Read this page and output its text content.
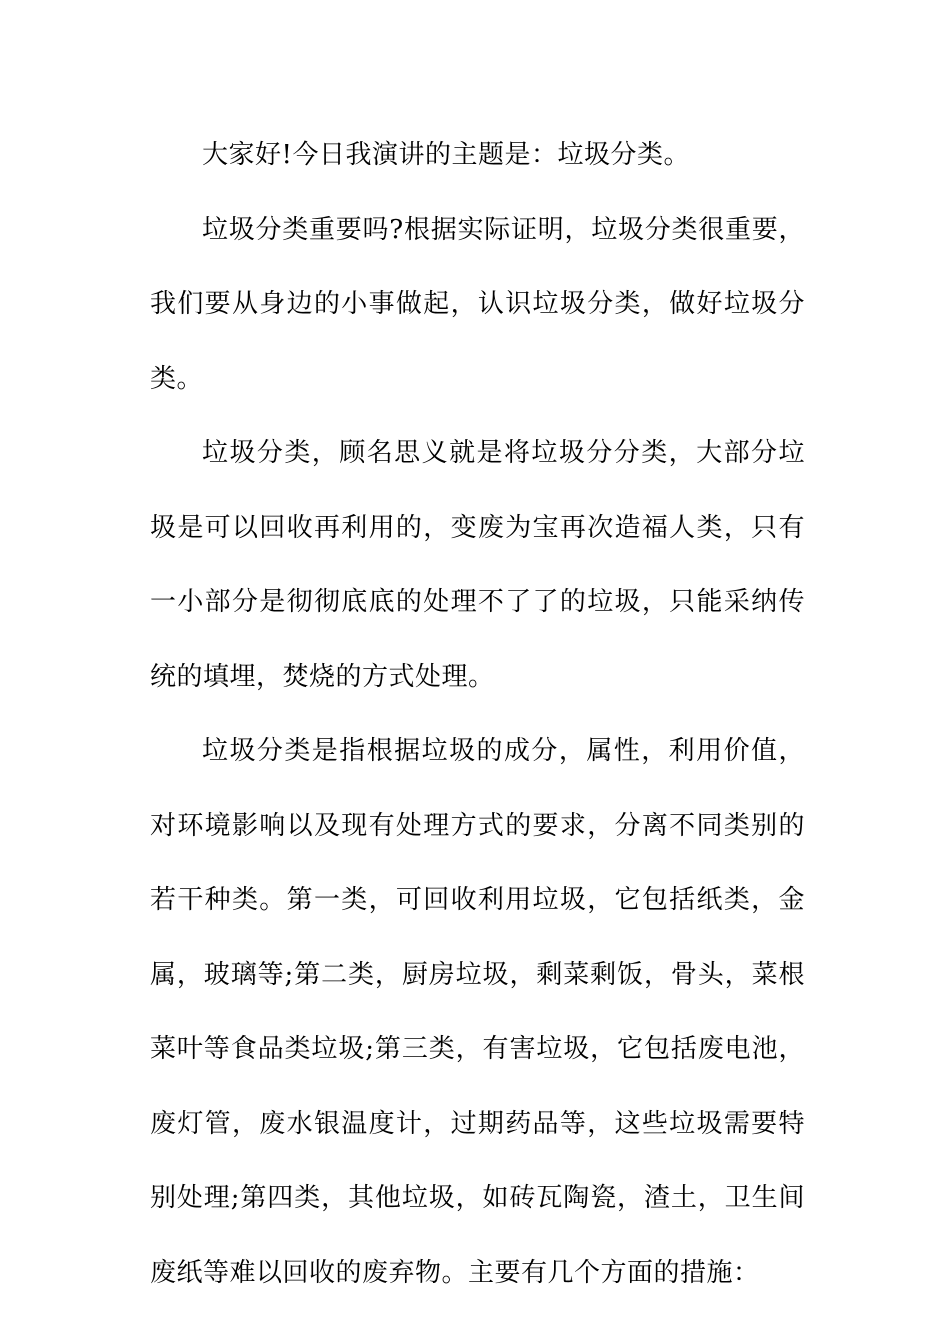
大家好!今日我演讲的主题是：垃圾分类。

垃圾分类重要吗?根据实际证明，垃圾分类很重要，我们要从身边的小事做起，认识垃圾分类，做好垃圾分类。

垃圾分类，顾名思义就是将垃圾分分类，大部分垃圾是可以回收再利用的，变废为宝再次造福人类，只有一小部分是彻彻底底的处理不了了的垃圾，只能采纳传统的填埋，焚烧的方式处理。

垃圾分类是指根据垃圾的成分，属性，利用价值，对环境影响以及现有处理方式的要求，分离不同类别的若干种类。第一类，可回收利用垃圾，它包括纸类，金属，玻璃等;第二类，厨房垃圾，剩菜剩饭，骨头，菜根菜叶等食品类垃圾;第三类，有害垃圾，它包括废电池，废灯管，废水银温度计，过期药品等，这些垃圾需要特别处理;第四类，其他垃圾，如砖瓦陶瓷，渣土，卫生间废纸等难以回收的废弃物。主要有几个方面的措施：
